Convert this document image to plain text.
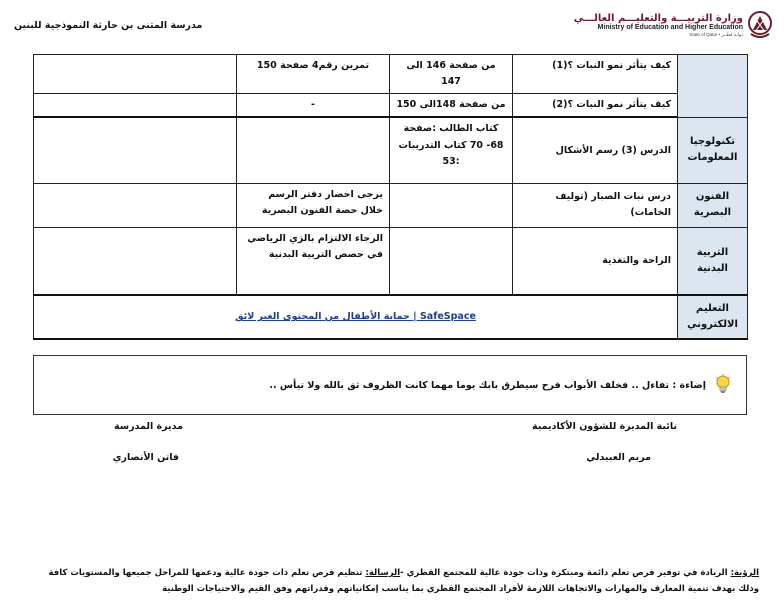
مدرسة المثنى بن حارثة النموذجية للبنين
وزارة التربيـــة والتعليـــم العالـــي
Ministry of Education and Higher Education
State of Qatar • دولـة قطــر
	كيف يتأثر نمو النبات ؟(1)	من صفحة 146 الى 147	تمرين رقم4 صفحة 150	
	كيف يتأثر نمو النبات ؟(2)	من صفحة 148الى 150	-	
تكنولوجيا المعلومات	الدرس (3) رسم الأشكال	كتاب الطالب :صفحة 68- 70 كتاب التدريبات :53		
الفنون البصرية	درس نبات الصبار (توليف الخامات)		يرجى احضار دفتر الرسم خلال حصة الفنون البصرية	
التربية البدنية	الراحة والتغذية		الرجاء الالتزام بالزي الرياضي في حصص التربية البدنية	
التعليم الالكتروني	SafeSpace | حماية الأطفال من المحتوى الغير لائق			
إضاءة : تفاءل .. فخلف الأبواب فرح سيطرق بابك يوما مهما كانت الظروف ثق بالله ولا تيأس ..
نائبة المديرة للشؤون الأكاديمية
مريم العبيدلي
مديرة المدرسة
فاتن الأنصاري
الرؤية: الريادة في توفير فرص تعلم دائمة ومبتكرة وذات جودة عالية للمجتمع القطري -الرسالة: تنظيم فرص تعلم ذات جودة عالية ودعمها للمراحل جميعها والمستويات كافة وذلك بهدف تنمية المعارف والمهارات والاتجاهات اللازمة لأفراد المجتمع القطري بما يناسب إمكانياتهم وقدراتهم وفق القيم والاحتياجات الوطنية
